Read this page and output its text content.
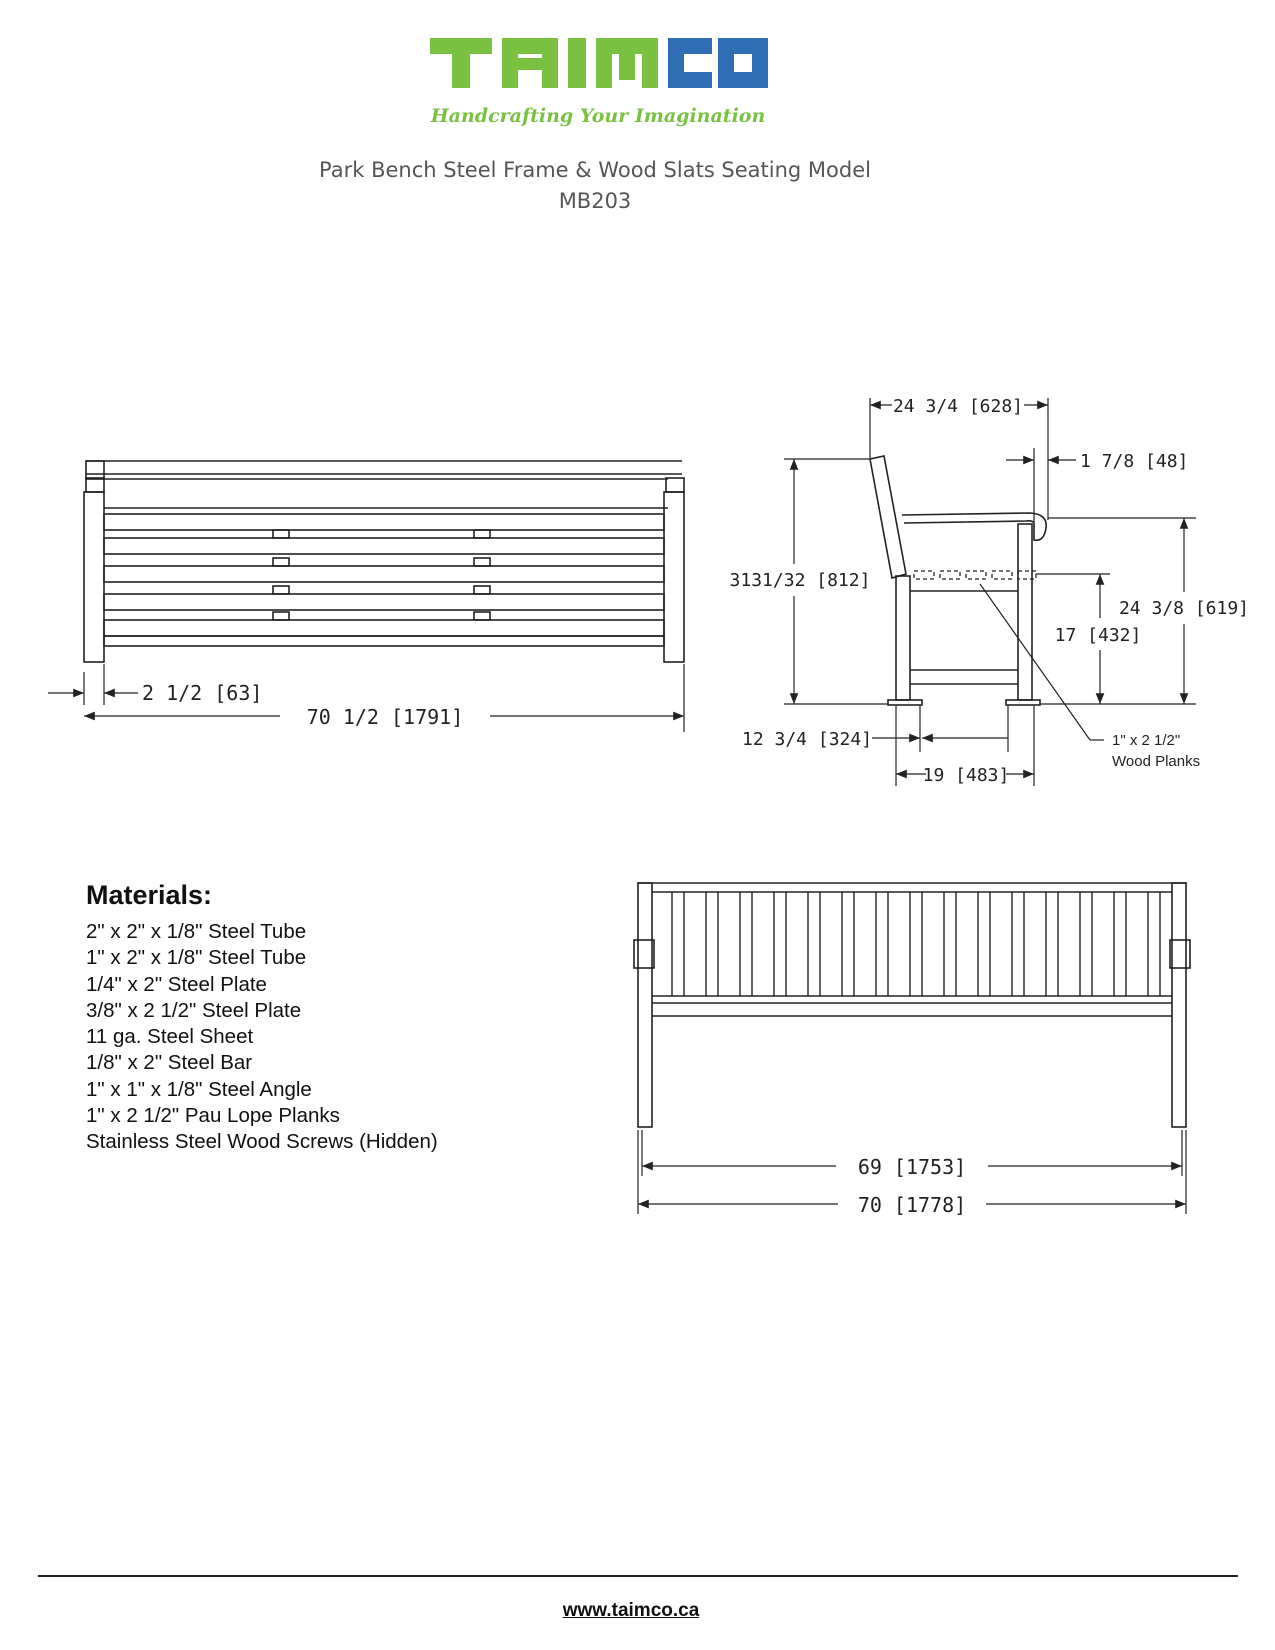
Handcrafting Your Imagination
Park Bench Steel Frame & Wood Slats Seating Model
MB203
2 1/2 [63]
70 1/2 [1791]
24 3/4 [628]
1 7/8 [48]
3131/32 [812]
24 3/8 [619]
17 [432]
1" x 2 1/2"
Wood Planks
12 3/4 [324]
19 [483]
69 [1753]
70 [1778]
Materials:
2" x 2" x 1/8" Steel Tube
1" x 2" x 1/8" Steel Tube
1/4" x 2" Steel Plate
3/8" x 2 1/2" Steel Plate
11 ga. Steel Sheet
1/8" x 2" Steel Bar
1" x 1" x 1/8" Steel Angle
1" x 2 1/2" Pau Lope Planks
Stainless Steel Wood Screws (Hidden)
www.taimco.ca
